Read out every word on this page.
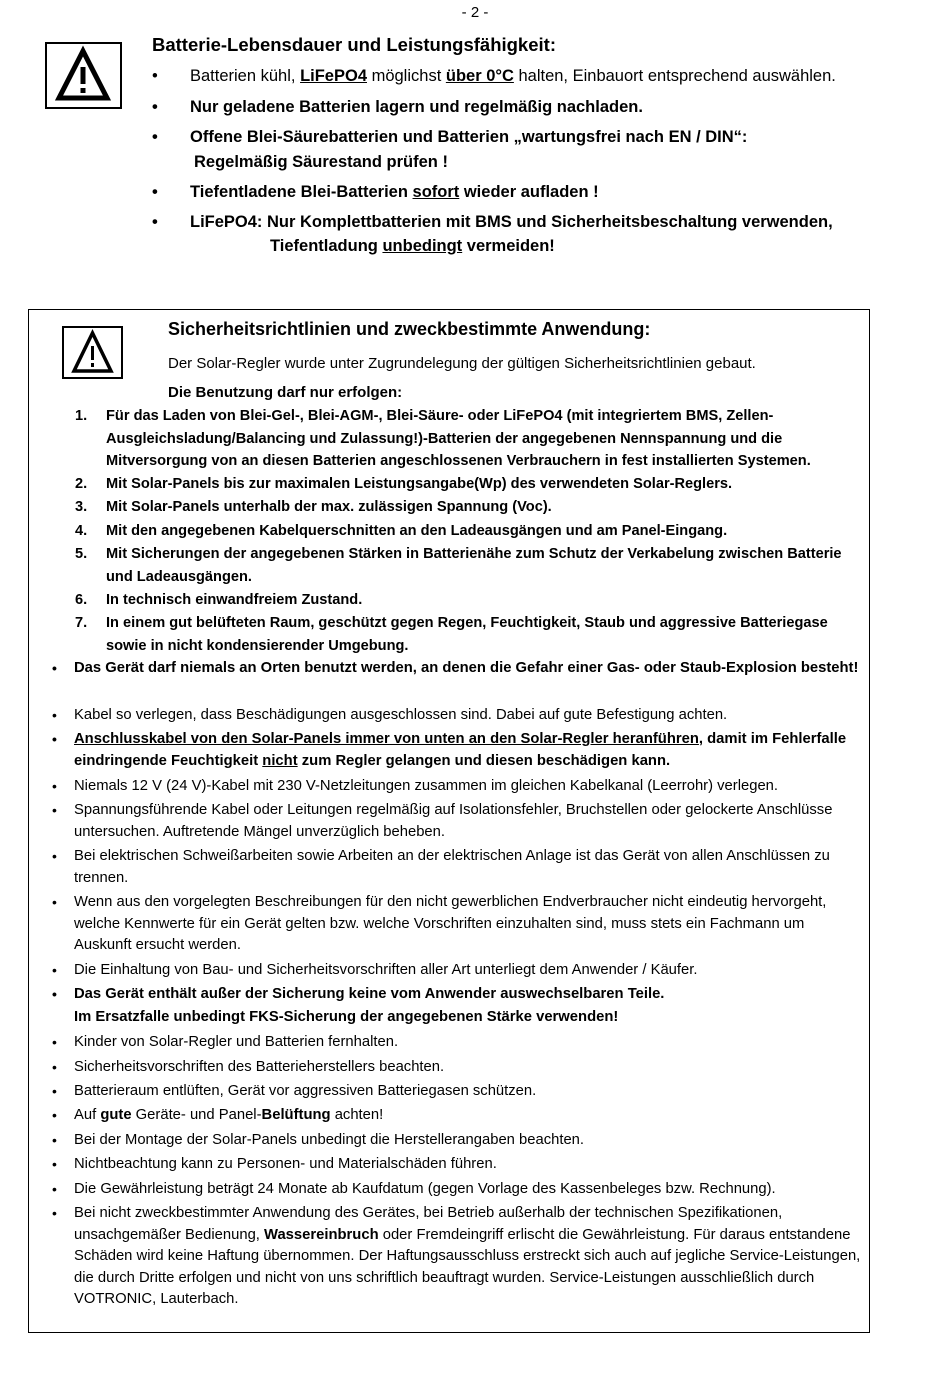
- 2 -
Batterie-Lebensdauer und Leistungsfähigkeit:
• Batterien kühl, LiFePO4 möglichst über 0°C halten, Einbauort entsprechend auswählen.
• Nur geladene Batterien lagern und regelmäßig nachladen.
• Offene Blei-Säurebatterien und Batterien „wartungsfrei nach EN / DIN“:
Regelmäßig Säurestand prüfen !
• Tiefentladene Blei-Batterien sofort wieder aufladen !
• LiFePO4: Nur Komplettbatterien mit BMS und Sicherheitsbeschaltung verwenden,
Tiefentladung unbedingt vermeiden!
Sicherheitsrichtlinien und zweckbestimmte Anwendung:
Der Solar-Regler wurde unter Zugrundelegung der gültigen Sicherheitsrichtlinien gebaut.
Die Benutzung darf nur erfolgen:
1. Für das Laden von Blei-Gel-, Blei-AGM-, Blei-Säure- oder LiFePO4 (mit integriertem BMS, Zellen-Ausgleichsladung/Balancing und Zulassung!)-Batterien der angegebenen Nennspannung und die Mitversorgung von an diesen Batterien angeschlossenen Verbrauchern in fest installierten Systemen.
2. Mit Solar-Panels bis zur maximalen Leistungsangabe(Wp) des verwendeten Solar-Reglers.
3. Mit Solar-Panels unterhalb der max. zulässigen Spannung (Voc).
4. Mit den angegebenen Kabelquerschnitten an den Ladeausgängen und am Panel-Eingang.
5. Mit Sicherungen der angegebenen Stärken in Batterienähe zum Schutz der Verkabelung zwischen Batterie und Ladeausgängen.
6. In technisch einwandfreiem Zustand.
7. In einem gut belüfteten Raum, geschützt gegen Regen, Feuchtigkeit, Staub und aggressive Batteriegase sowie in nicht kondensierender Umgebung.
• Das Gerät darf niemals an Orten benutzt werden, an denen die Gefahr einer Gas- oder Staub-Explosion besteht!
• Kabel so verlegen, dass Beschädigungen ausgeschlossen sind. Dabei auf gute Befestigung achten.
• Anschlusskabel von den Solar-Panels immer von unten an den Solar-Regler heranführen, damit im Fehlerfalle eindringende Feuchtigkeit nicht zum Regler gelangen und diesen beschädigen kann.
• Niemals 12 V (24 V)-Kabel mit 230 V-Netzleitungen zusammen im gleichen Kabelkanal (Leerrohr) verlegen.
• Spannungsführende Kabel oder Leitungen regelmäßig auf Isolationsfehler, Bruchstellen oder gelockerte Anschlüsse untersuchen. Auftretende Mängel unverzüglich beheben.
• Bei elektrischen Schweißarbeiten sowie Arbeiten an der elektrischen Anlage ist das Gerät von allen Anschlüssen zu trennen.
• Wenn aus den vorgelegten Beschreibungen für den nicht gewerblichen Endverbraucher nicht eindeutig hervorgeht, welche Kennwerte für ein Gerät gelten bzw. welche Vorschriften einzuhalten sind, muss stets ein Fachmann um Auskunft ersucht werden.
• Die Einhaltung von Bau- und Sicherheitsvorschriften aller Art unterliegt dem Anwender / Käufer.
• Das Gerät enthält außer der Sicherung keine vom Anwender auswechselbaren Teile.
Im Ersatzfalle unbedingt FKS-Sicherung der angegebenen Stärke verwenden!
• Kinder von Solar-Regler und Batterien fernhalten.
• Sicherheitsvorschriften des Batterieherstellers beachten.
• Batterieraum entlüften, Gerät vor aggressiven Batteriegasen schützen.
• Auf gute Geräte- und Panel-Belüftung achten!
• Bei der Montage der Solar-Panels unbedingt die Herstellerangaben beachten.
• Nichtbeachtung kann zu Personen- und Materialschäden führen.
• Die Gewährleistung beträgt 24 Monate ab Kaufdatum (gegen Vorlage des Kassenbeleges bzw. Rechnung).
• Bei nicht zweckbestimmter Anwendung des Gerätes, bei Betrieb außerhalb der technischen Spezifikationen, unsachgemäßer Bedienung, Wassereinbruch oder Fremdeingriff erlischt die Gewährleistung. Für daraus entstandene Schäden wird keine Haftung übernommen. Der Haftungsausschluss erstreckt sich auch auf jegliche Service-Leistungen, die durch Dritte erfolgen und nicht von uns schriftlich beauftragt wurden. Service-Leistungen ausschließlich durch VOTRONIC, Lauterbach.
